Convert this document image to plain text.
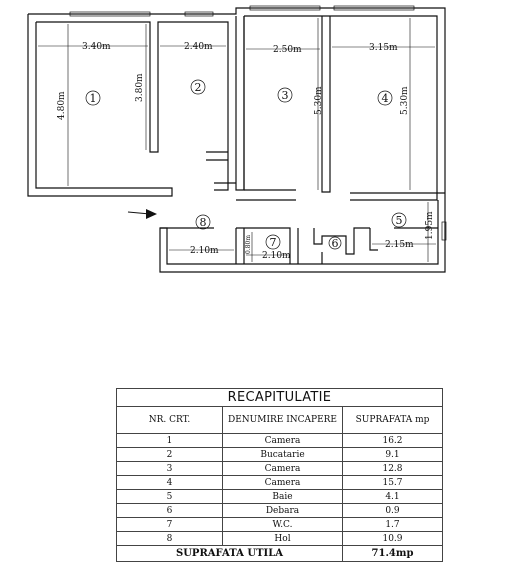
3.40m	2.40m	2.50m	3.15m
4.80m
3.80m	5.30m	5.30m
2.10m	2.10m
2.15m
1.95m
0.80m
1
2
3	4
5
6
7
8
RECAPITULATIE		
NR. CRT.	DENUMIRE INCAPERE	SUPRAFATA mp
1	Camera	16.2
2	Bucatarie	9.1
3	Camera	12.8
4	Camera	15.7
5	Baie	4.1
6	Debara	0.9
7	W.C.	1.7
8	Hol	10.9
SUPRAFATA UTILA		71.4mp
